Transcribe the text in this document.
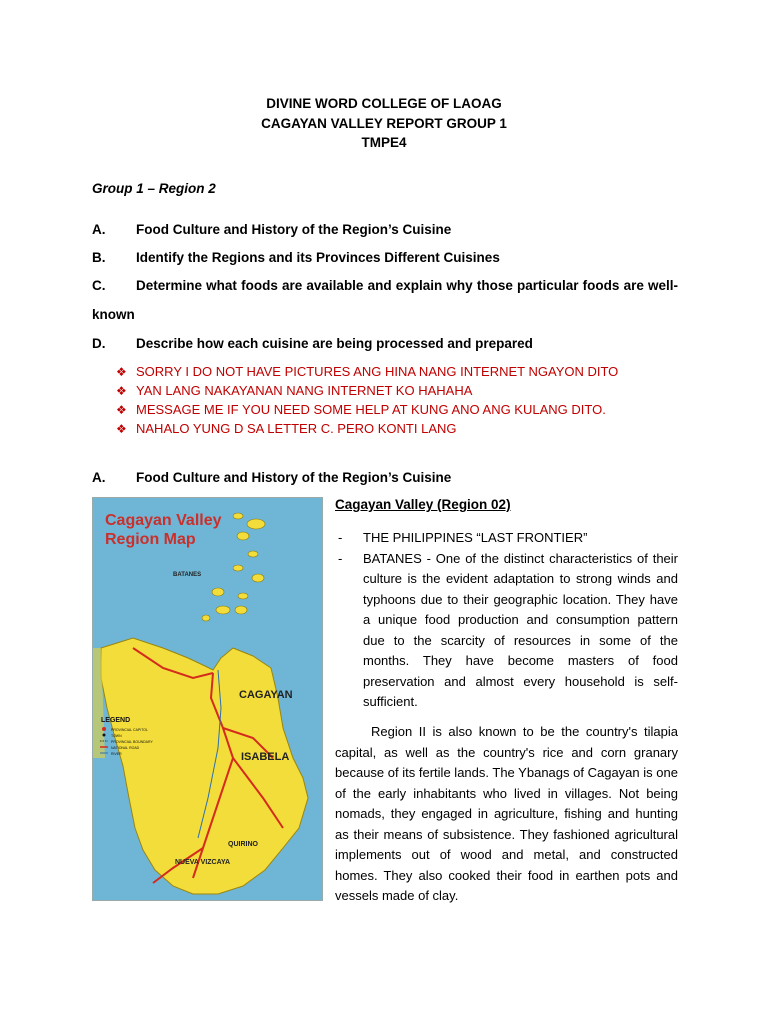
DIVINE WORD COLLEGE OF LAOAG
CAGAYAN VALLEY REPORT GROUP 1
TMPE4
Group 1 – Region 2
A. Food Culture and History of the Region’s Cuisine
B. Identify the Regions and its Provinces Different Cuisines
C. Determine what foods are available and explain why those particular foods are well-
known
D. Describe how each cuisine are being processed and prepared
❖ SORRY I DO NOT HAVE PICTURES ANG HINA NANG INTERNET NGAYON DITO
❖ YAN LANG NAKAYANAN NANG INTERNET KO HAHAHA
❖ MESSAGE ME IF YOU NEED SOME HELP AT KUNG ANO ANG KULANG DITO.
❖ NAHALO YUNG D SA LETTER C. PERO KONTI LANG
A. Food Culture and History of the Region’s Cuisine
Cagayan Valley
Region Map
BATANES
CAGAYAN
ISABELA
QUIRINO
NUEVA VIZCAYA
LEGEND
PROVINCIAL CAPITOL
TOWN
PROVINCIAL BOUNDARY
NATIONAL ROAD
RIVER
Cagayan Valley (Region 02)
- THE PHILIPPINES “LAST FRONTIER”
- BATANES - One of the distinct characteristics of their culture is the evident adaptation to strong winds and typhoons due to their geographic location. They have a unique food production and consumption pattern due to the scarcity of resources in some of the months. They have become masters of food preservation and almost every household is self-sufficient.
Region II is also known to be the country's tilapia capital, as well as the country's rice and corn granary because of its fertile lands. The Ybanags of Cagayan is one of the early inhabitants who lived in villages. Not being nomads, they engaged in agriculture, fishing and hunting as their means of subsistence. They fashioned agricultural implements out of wood and metal, and constructed homes. They also cooked their food in earthen pots and vessels made of clay.
